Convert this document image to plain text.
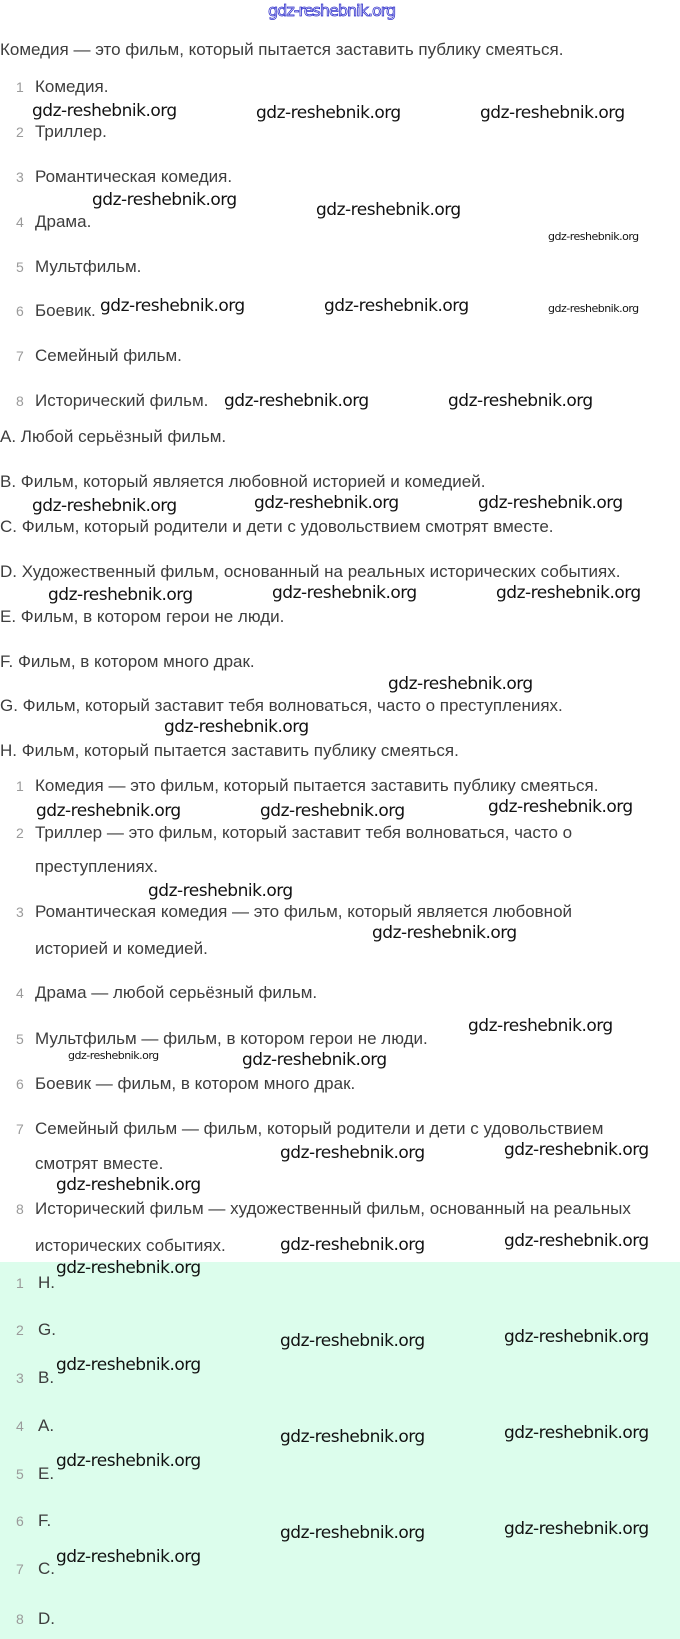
gdz-reshebnik.org
Комедия — это фильм, который пытается заставить публику смеяться.
1 Комедия.
2 Триллер.
3 Романтическая комедия.
4 Драма.
5 Мультфильм.
6 Боевик.
7 Семейный фильм.
8 Исторический фильм.
A. Любой серьёзный фильм.
B. Фильм, который является любовной историей и комедией.
C. Фильм, который родители и дети с удовольствием смотрят вместе.
D. Художественный фильм, основанный на реальных исторических событиях.
E. Фильм, в котором герои не люди.
F. Фильм, в котором много драк.
G. Фильм, который заставит тебя волноваться, часто о преступлениях.
H. Фильм, который пытается заставить публику смеяться.
1 Комедия — это фильм, который пытается заставить публику смеяться.
2 Триллер — это фильм, который заставит тебя волноваться, часто о
преступлениях.
3 Романтическая комедия — это фильм, который является любовной
историей и комедией.
4 Драма — любой серьёзный фильм.
5 Мультфильм — фильм, в котором герои не люди.
6 Боевик — фильм, в котором много драк.
7 Семейный фильм — фильм, который родители и дети с удовольствием
смотрят вместе.
8 Исторический фильм — художественный фильм, основанный на реальных
исторических событиях.
1 H.
2 G.
3 B.
4 A.
5 E.
6 F.
7 C.
8 D.
gdz-reshebnik.org	gdz-reshebnik.org	gdz-reshebnik.org
gdz-reshebnik.org	gdz-reshebnik.org
gdz-reshebnik.org
gdz-reshebnik.org	gdz-reshebnik.org	gdz-reshebnik.org
gdz-reshebnik.org	gdz-reshebnik.org
gdz-reshebnik.org	gdz-reshebnik.org
gdz-reshebnik.org
gdz-reshebnik.org	gdz-reshebnik.org
gdz-reshebnik.org
gdz-reshebnik.org
gdz-reshebnik.org
gdz-reshebnik.org
gdz-reshebnik.org	gdz-reshebnik.org
gdz-reshebnik.org
gdz-reshebnik.org
gdz-reshebnik.org
gdz-reshebnik.org	gdz-reshebnik.org
gdz-reshebnik.org
gdz-reshebnik.org
gdz-reshebnik.org
gdz-reshebnik.org	gdz-reshebnik.org
gdz-reshebnik.org
gdz-reshebnik.org	gdz-reshebnik.org
gdz-reshebnik.org
gdz-reshebnik.org	gdz-reshebnik.org
gdz-reshebnik.org
gdz-reshebnik.org	gdz-reshebnik.org
gdz-reshebnik.org
